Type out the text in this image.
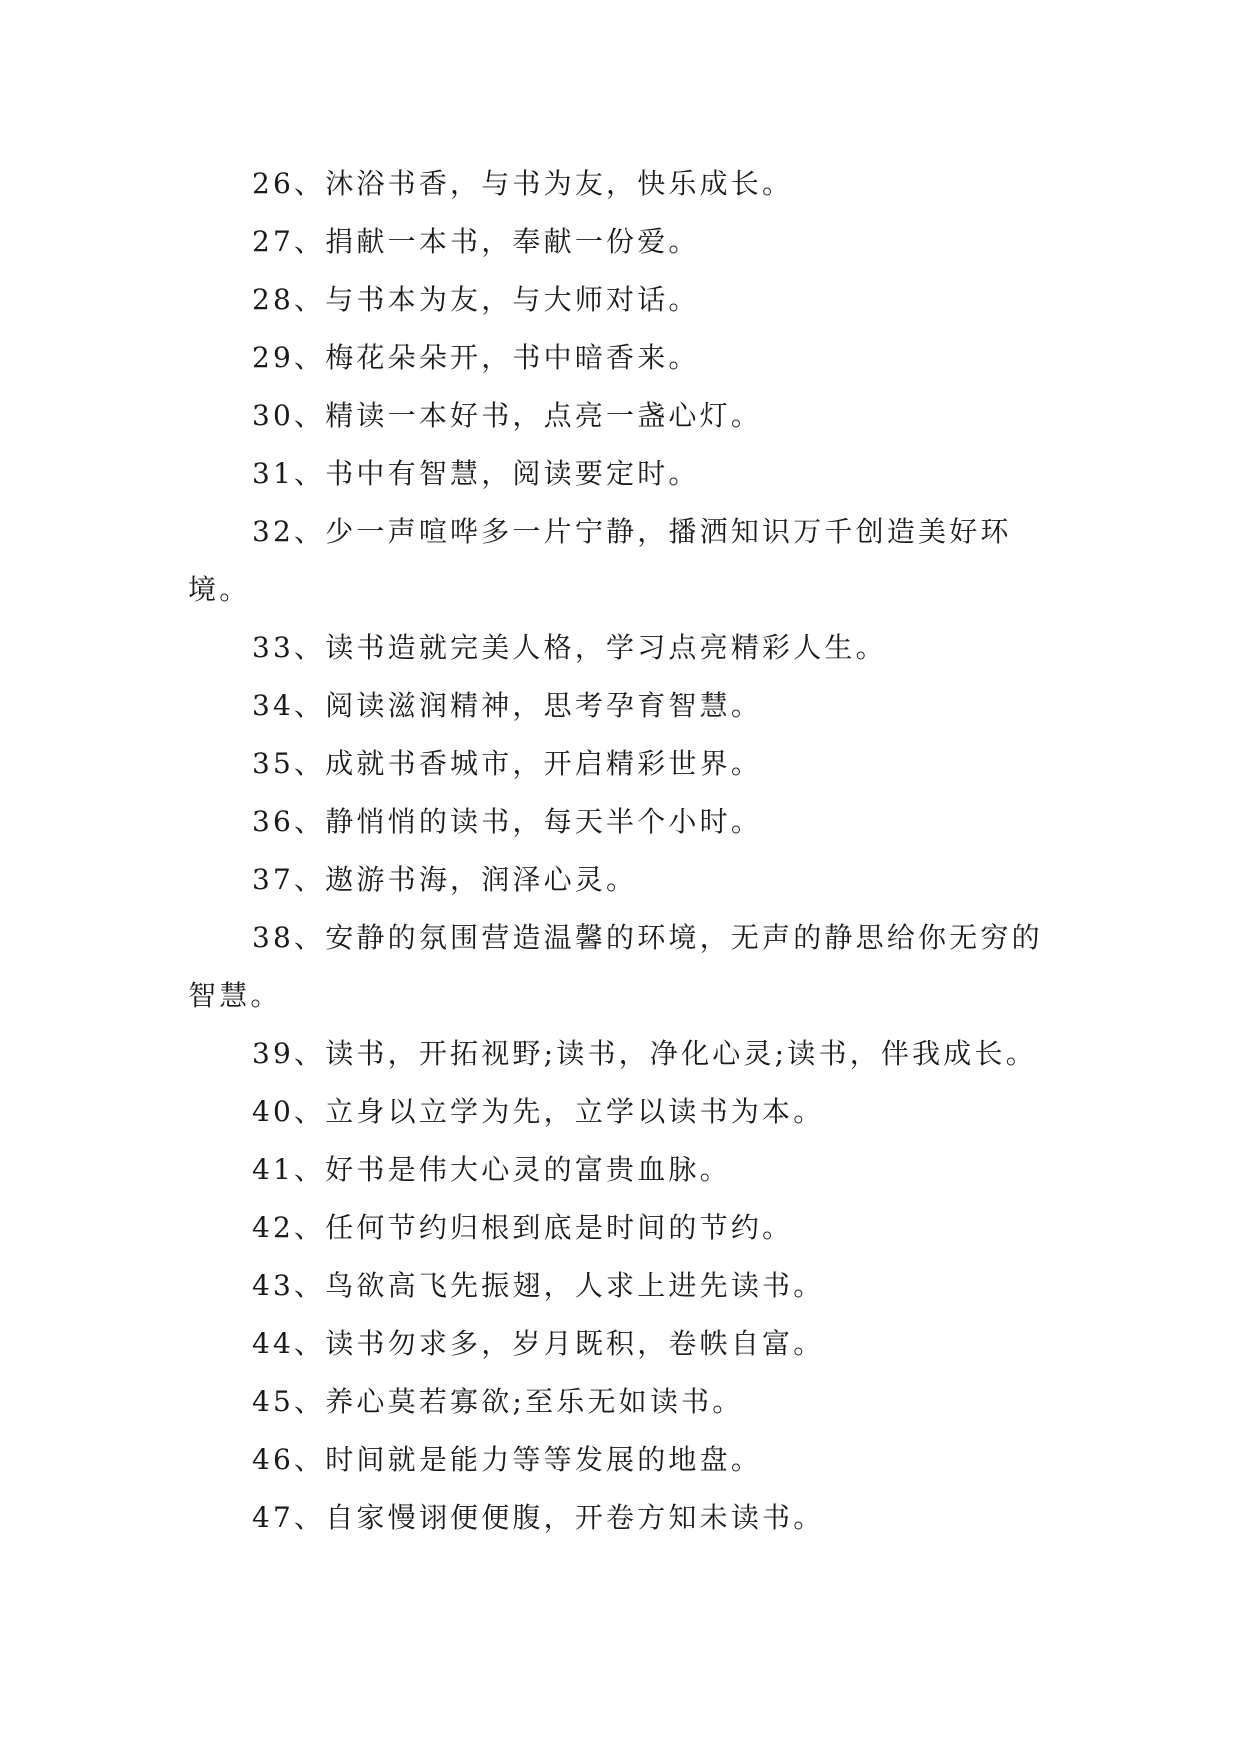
26、沐浴书香，与书为友，快乐成长。

27、捐献一本书，奉献一份爱。

28、与书本为友，与大师对话。

29、梅花朵朵开，书中暗香来。

30、精读一本好书，点亮一盏心灯。

31、书中有智慧，阅读要定时。

32、少一声喧哗多一片宁静，播洒知识万千创造美好环境。

33、读书造就完美人格，学习点亮精彩人生。

34、阅读滋润精神，思考孕育智慧。

35、成就书香城市，开启精彩世界。

36、静悄悄的读书，每天半个小时。

37、遨游书海，润泽心灵。

38、安静的氛围营造温馨的环境，无声的静思给你无穷的智慧。

39、读书，开拓视野;读书，净化心灵;读书，伴我成长。

40、立身以立学为先，立学以读书为本。

41、好书是伟大心灵的富贵血脉。

42、任何节约归根到底是时间的节约。

43、鸟欲高飞先振翅，人求上进先读书。

44、读书勿求多，岁月既积，卷帙自富。

45、养心莫若寡欲;至乐无如读书。

46、时间就是能力等等发展的地盘。

47、自家慢诩便便腹，开卷方知未读书。
